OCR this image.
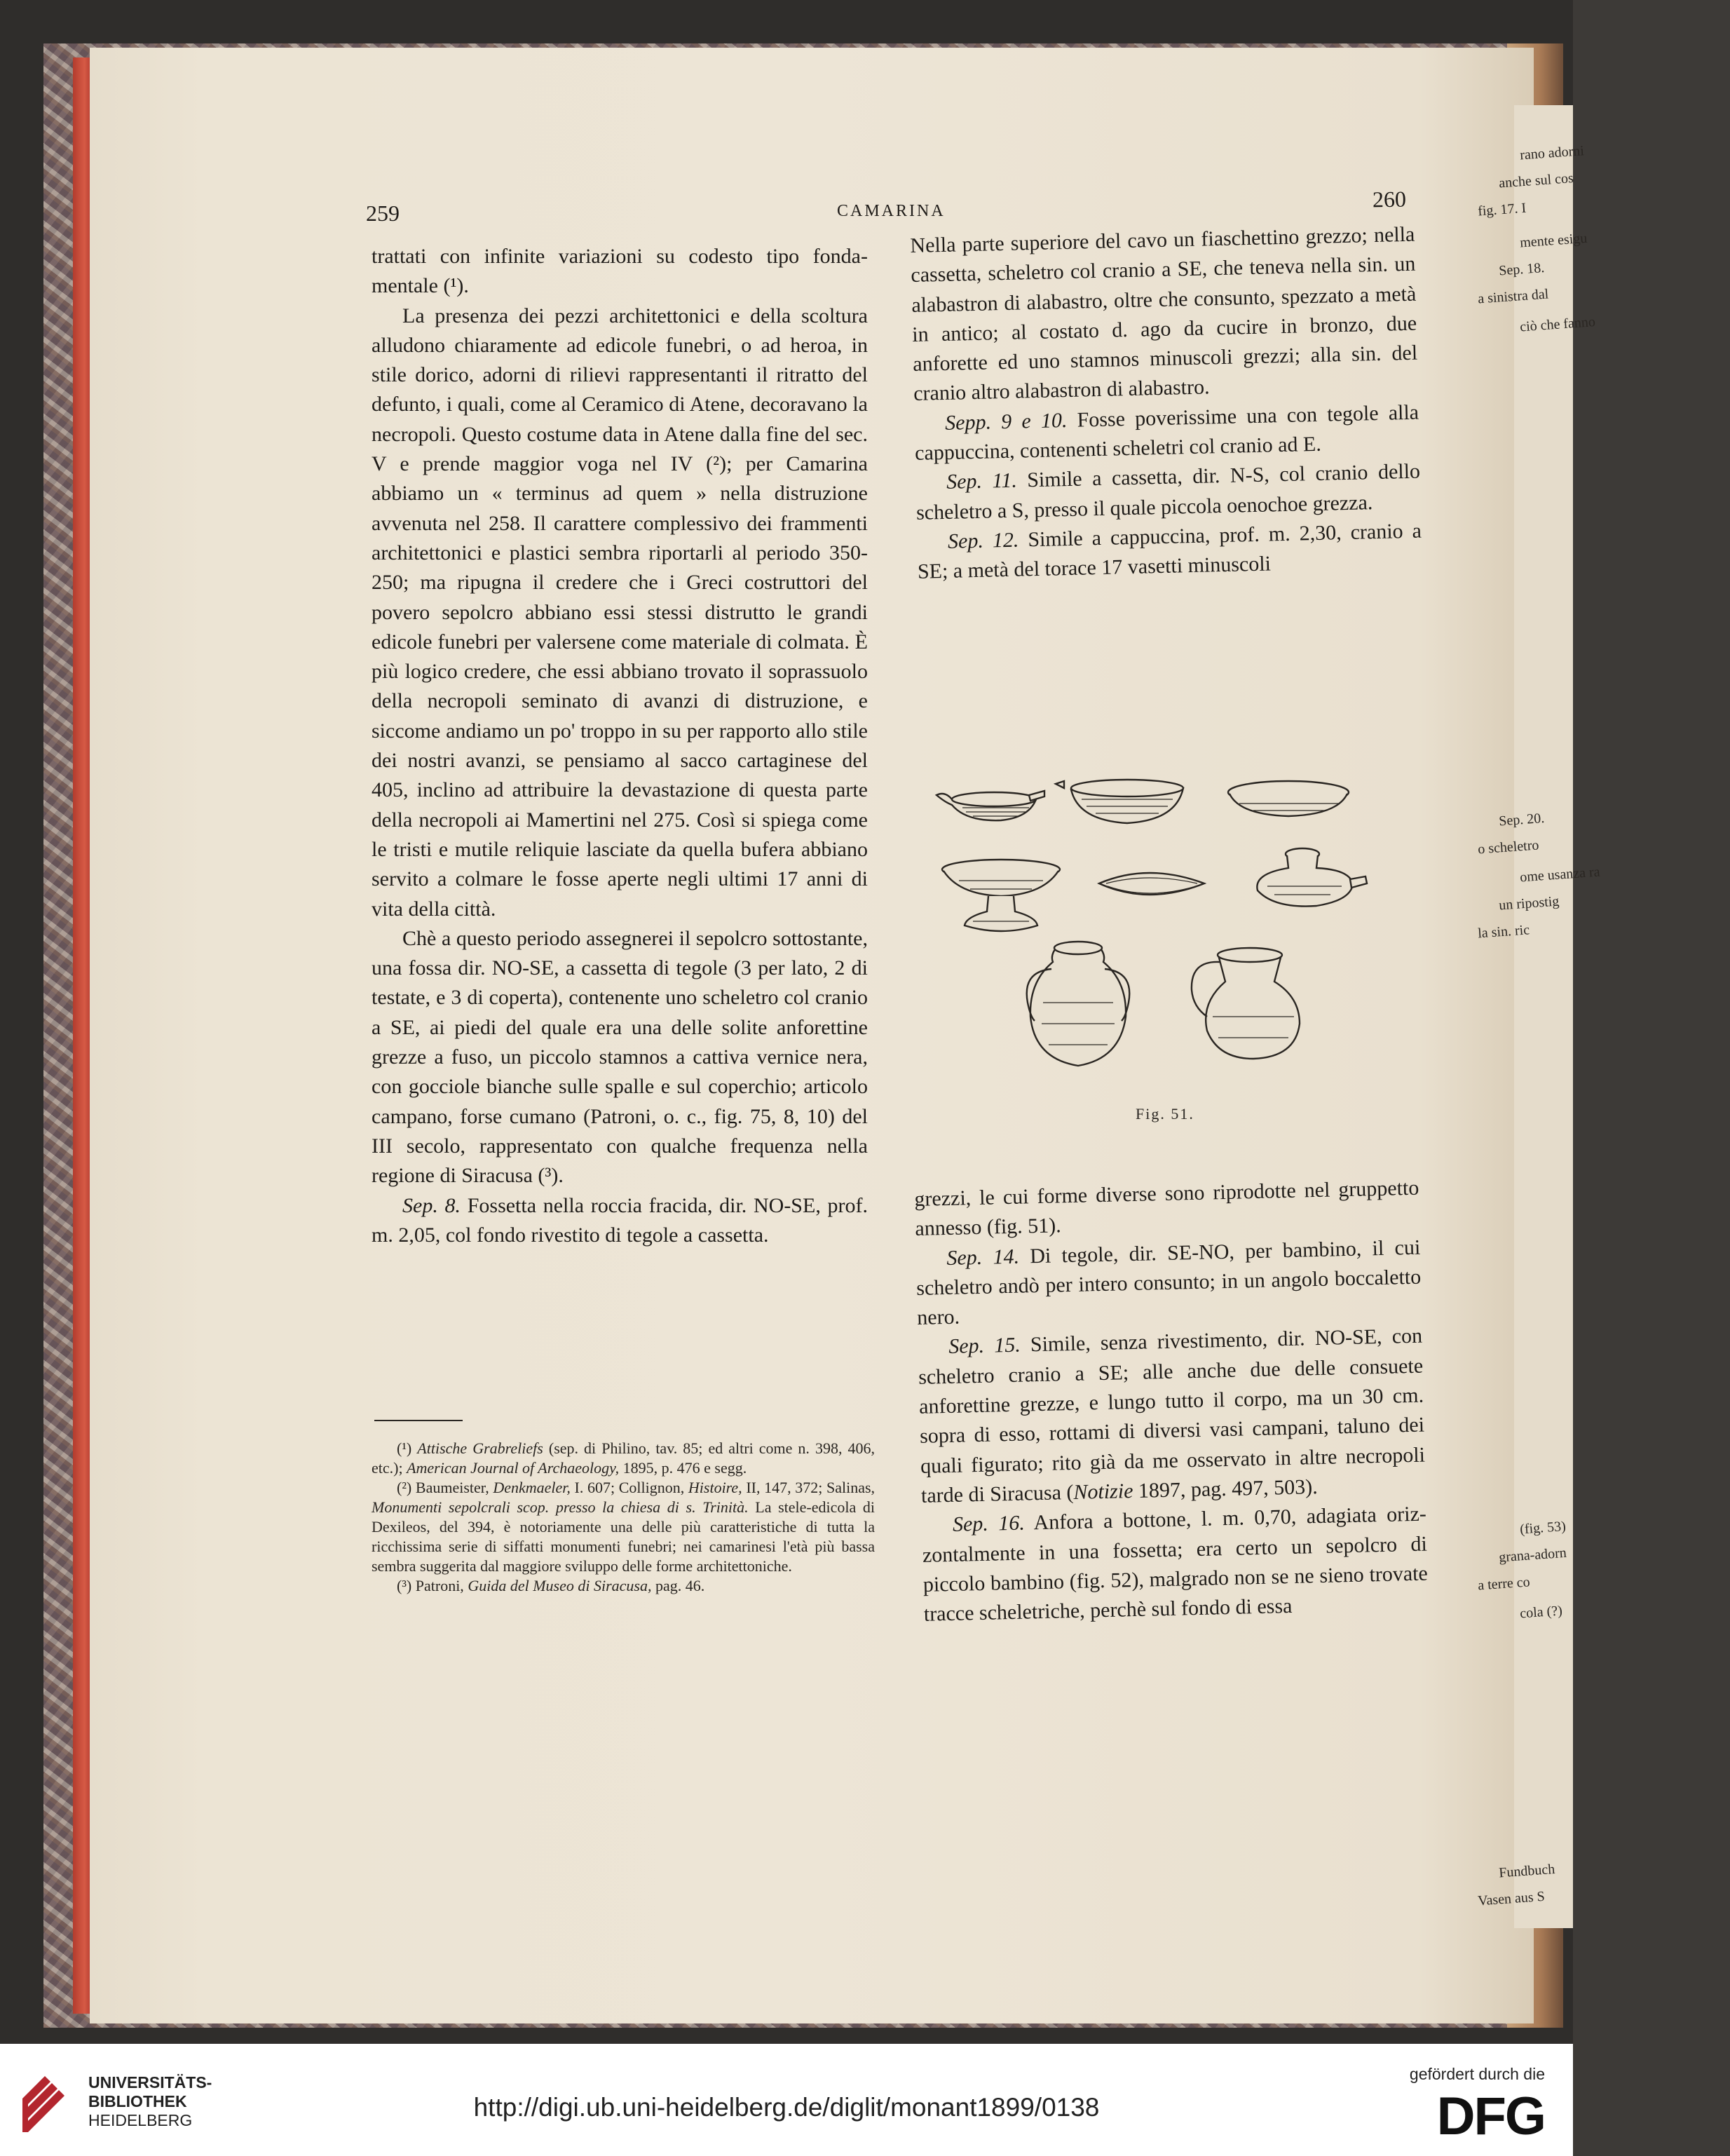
rano adorni
anche sul cos
fig. 17. I
mente esigu
Sep. 18.
a sinistra dal
ciò che fanno
Sep. 20.
o scheletro
ome usanza ra
un ripostig
la sin. ric
(fig. 53)
grana-adorn
a terre co
cola (?)
Fundbuch
Vasen aus S
259	CAMARINA	260

trattati con infinite variazioni su codesto tipo fondamentale (¹).

La presenza dei pezzi architettonici e della scoltura alludono chiaramente ad edicole funebri, o ad heroa, in stile dorico, adorni di rilievi rappresentanti il ritratto del defunto, i quali, come al Ceramico di Atene, decoravano la necropoli. Questo costume data in Atene dalla fine del sec. V e prende maggior voga nel IV (²); per Camarina abbiamo un « terminus ad quem » nella distruzione avvenuta nel 258. Il carattere complessivo dei frammenti architettonici e plastici sembra riportarli al periodo 350-250; ma ripugna il credere che i Greci costruttori del povero sepolcro abbiano essi stessi distrutto le grandi edicole funebri per valersene come materiale di colmata. È più logico credere, che essi abbiano trovato il soprassuolo della necropoli seminato di avanzi di distruzione, e siccome andiamo un po' troppo in su per rapporto allo stile dei nostri avanzi, se pensiamo al sacco cartaginese del 405, inclino ad attribuire la devastazione di questa parte della necropoli ai Mamertini nel 275. Così si spiega come le tristi e mutile reliquie lasciate da quella bufera abbiano servito a colmare le fosse aperte negli ultimi 17 anni di vita della città.

Chè a questo periodo assegnerei il sepolcro sottostante, una fossa dir. NO-SE, a cassetta di tegole (3 per lato, 2 di testate, e 3 di coperta), contenente uno scheletro col cranio a SE, ai piedi del quale era una delle solite anforettine grezze a fuso, un piccolo stamnos a cattiva vernice nera, con gocciole bianche sulle spalle e sul coperchio; articolo campano, forse cumano (Patroni, o. c., fig. 75, 8, 10) del III secolo, rappresentato con qualche frequenza nella regione di Siracusa (³).

Sep. 8. Fossetta nella roccia fracida, dir. NO-SE, prof. m. 2,05, col fondo rivestito di tegole a cassetta.

(¹) Attische Grabreliefs (sep. di Philino, tav. 85; ed altri come n. 398, 406, etc.); American Journal of Archaeology, 1895, p. 476 e segg.

(²) Baumeister, Denkmaeler, I. 607; Collignon, Histoire, II, 147, 372; Salinas, Monumenti sepolcrali scop. presso la chiesa di s. Trinità. La stele-edicola di Dexileos, del 394, è notoriamente una delle più caratteristiche di tutta la ricchissima serie di siffatti monumenti funebri; nei camarinesi l'età più bassa sembra suggerita dal maggiore sviluppo delle forme architettoniche.

(³) Patroni, Guida del Museo di Siracusa, pag. 46.

Nella parte superiore del cavo un fiaschettino grezzo; nella cassetta, scheletro col cranio a SE, che teneva nella sin. un alabastron di alabastro, oltre che consunto, spezzato a metà in antico; al costato d. ago da cucire in bronzo, due anforette ed uno stamnos minuscoli grezzi; alla sin. del cranio altro alabastron di alabastro.

Sepp. 9 e 10. Fosse poverissime una con tegole alla cappuccina, contenenti scheletri col cranio ad E.

Sep. 11. Simile a cassetta, dir. N-S, col cranio dello scheletro a S, presso il quale piccola oenochoe grezza.

Sep. 12. Simile a cappuccina, prof. m. 2,30, cranio a SE; a metà del torace 17 vasetti minuscoli

Fig. 51.

grezzi, le cui forme diverse sono riprodotte nel gruppetto annesso (fig. 51).

Sep. 14. Di tegole, dir. SE-NO, per bambino, il cui scheletro andò per intero consunto; in un angolo boccaletto nero.

Sep. 15. Simile, senza rivestimento, dir. NO-SE, con scheletro cranio a SE; alle anche due delle consuete anforettine grezze, e lungo tutto il corpo, ma un 30 cm. sopra di esso, rottami di diversi vasi campani, taluno dei quali figurato; rito già da me osservato in altre necropoli tarde di Siracusa (Notizie 1897, pag. 497, 503).

Sep. 16. Anfora a bottone, l. m. 0,70, adagiata orizzontalmente in una fossetta; era certo un sepolcro di piccolo bambino (fig. 52), malgrado non se ne sieno trovate tracce scheletriche, perchè sul fondo di essa

UNIVERSITÄTS-
BIBLIOTHEK
HEIDELBERG	http://digi.ub.uni-heidelberg.de/diglit/monant1899/0138
gefördert durch die
DFG
